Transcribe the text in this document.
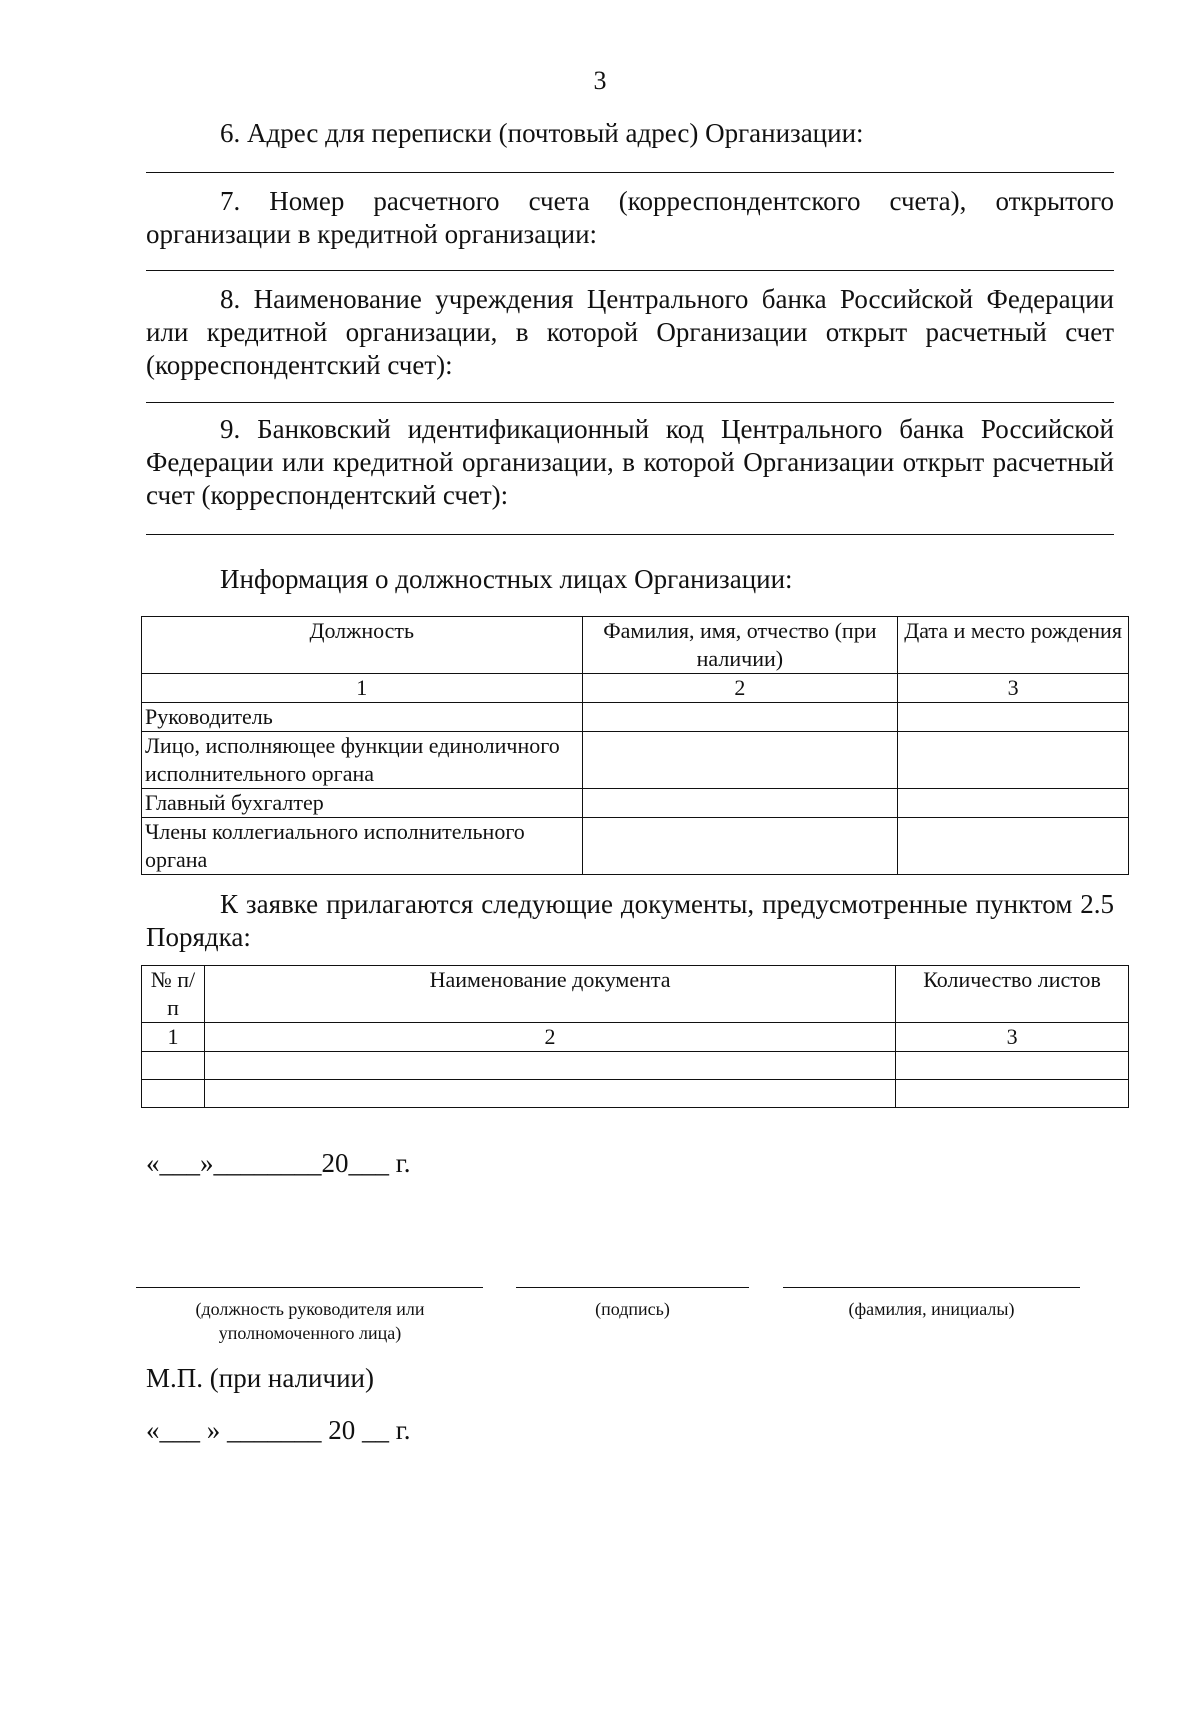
3
6. Адрес для переписки (почтовый адрес) Организации:
7. Номер расчетного счета (корреспондентского счета), открытого организации в кредитной организации:
8. Наименование учреждения Центрального банка Российской Федерации или кредитной организации, в которой Организации открыт расчетный счет (корреспондентский счет):
9. Банковский идентификационный код Центрального банка Российской Федерации или кредитной организации, в которой Организации открыт расчетный счет (корреспондентский счет):
Информация о должностных лицах Организации:
Должность	Фамилия, имя, отчество (при наличии)	Дата и место рождения
1	2	3
Руководитель		
Лицо, исполняющее функции единоличного исполнительного органа		
Главный бухгалтер		
Члены коллегиального исполнительного органа		
К заявке прилагаются следующие документы, предусмотренные пунктом 2.5 Порядка:
№ п/п	Наименование документа	Количество листов
1	2	3

«___»________20___ г.
(должность руководителя или уполномоченного лица)
(подпись)	(фамилия, инициалы)
М.П. (при наличии)
«___ » _______ 20 __ г.
